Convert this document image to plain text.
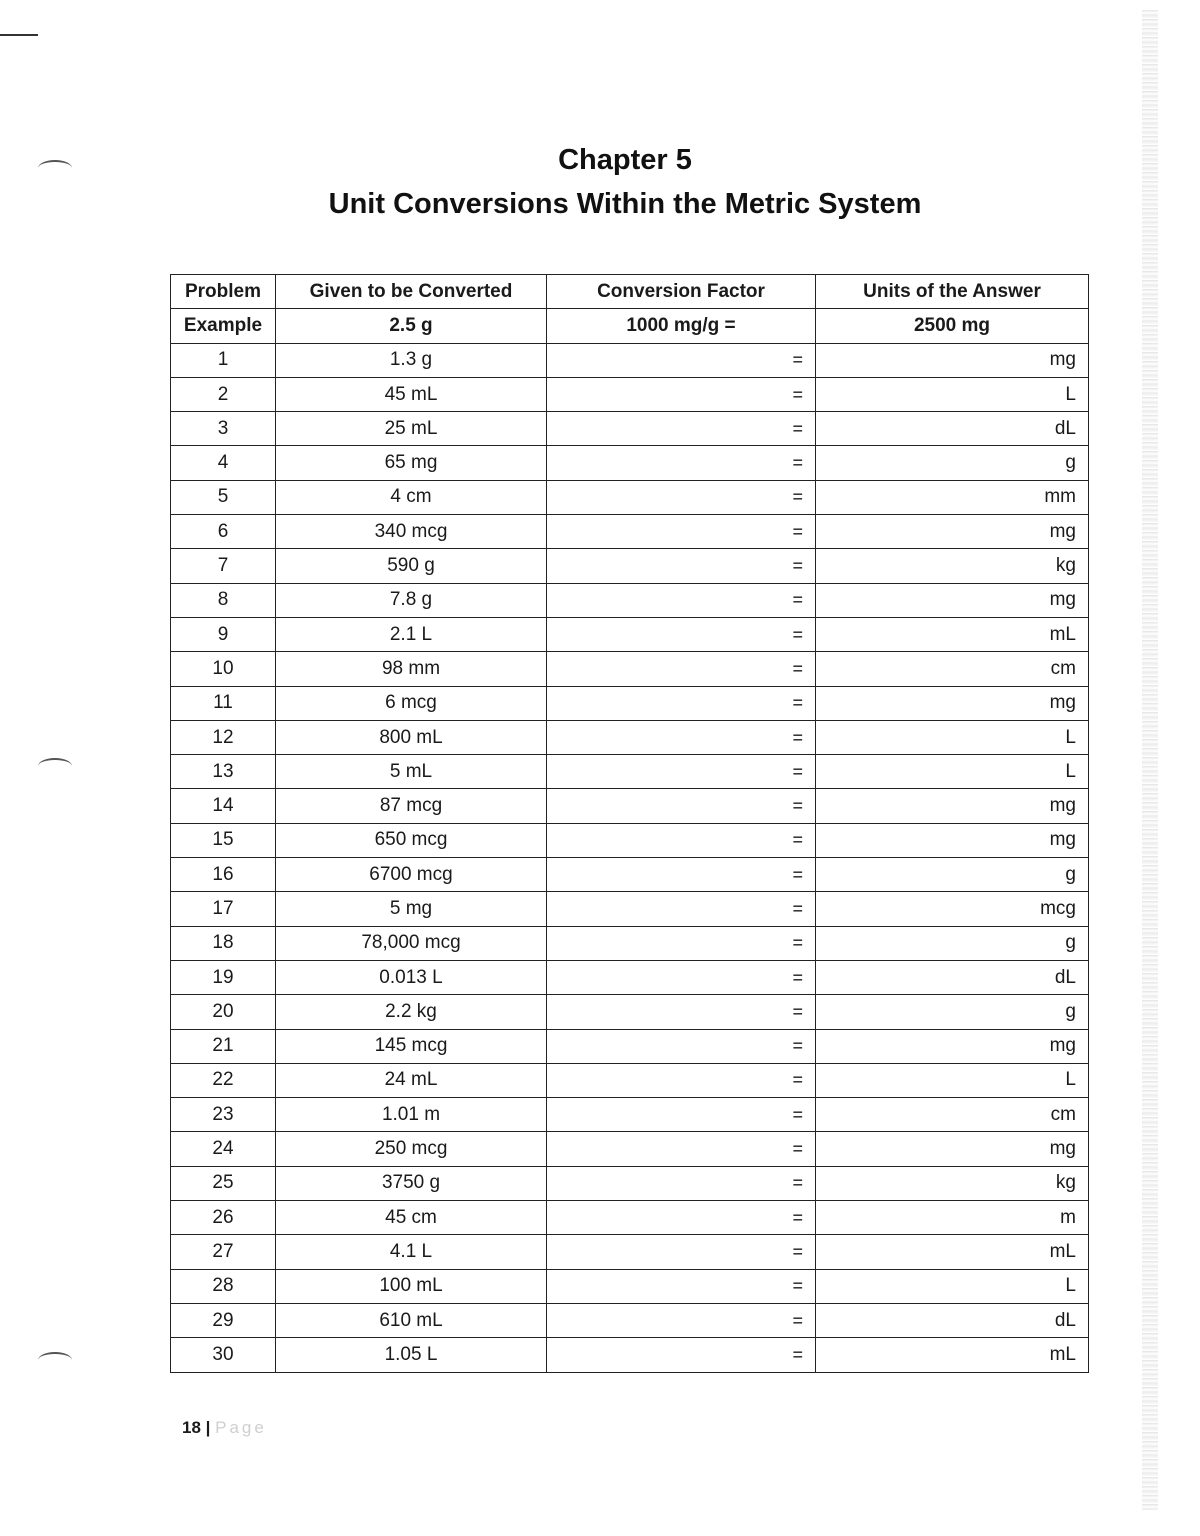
Chapter 5
Unit Conversions Within the Metric System
Problem	Given to be Converted	Conversion Factor	Units of the Answer
Example	2.5 g	1000 mg/g =	2500 mg
1	1.3 g	=	mg

2	45 mL	=	L

3	25 mL	=	dL

4	65 mg	=	g

5	4 cm	=	mm

6	340 mcg	=	mg

7	590 g	=	kg

8	7.8 g	=	mg

9	2.1 L	=	mL

10	98 mm	=	cm

11	6 mcg	=	mg

12	800 mL	=	L

13	5 mL	=	L

14	87 mcg	=	mg

15	650 mcg	=	mg

16	6700 mcg	=	g

17	5 mg	=	mcg

18	78,000 mcg	=	g

19	0.013 L	=	dL

20	2.2 kg	=	g

21	145 mcg	=	mg

22	24 mL	=	L

23	1.01 m	=	cm

24	250 mcg	=	mg

25	3750 g	=	kg

26	45 cm	=	m

27	4.1 L	=	mL

28	100 mL	=	L

29	610 mL	=	dL

30	1.05 L	=	mL
18 | Page
